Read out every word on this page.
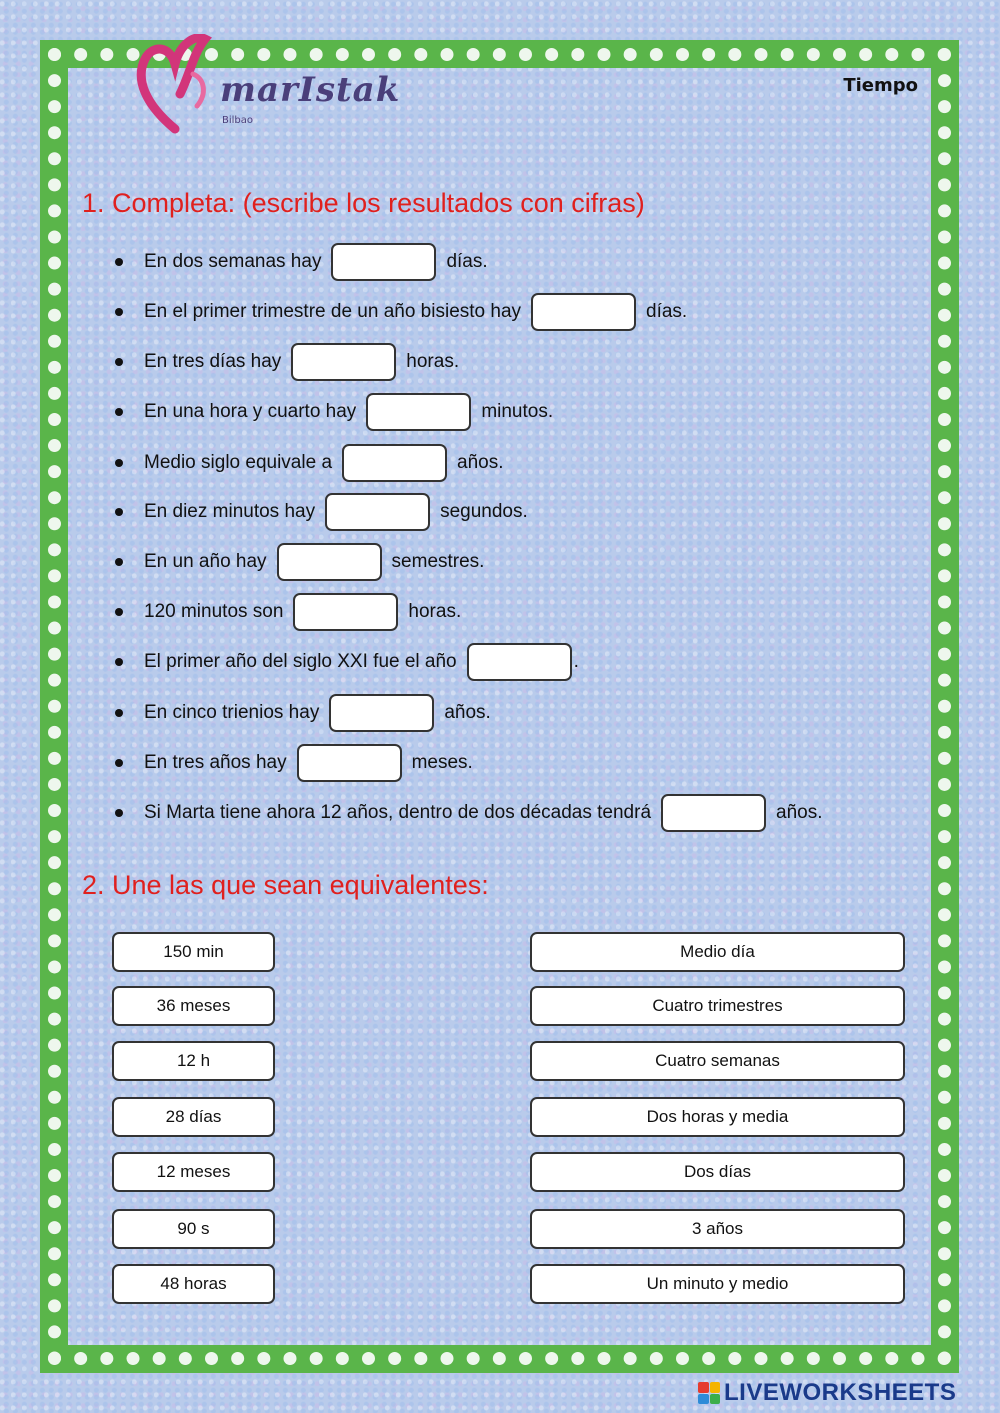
marIstak
Bilbao
Tiempo
1. Completa: (escribe los resultados con cifras)
En dos semanas hay	días.
En el primer trimestre de un año bisiesto hay	días.
En tres días hay	horas.
En una hora y cuarto hay	minutos.
Medio siglo equivale a	años.
En diez minutos hay	segundos.
En un año hay	semestres.
120 minutos son	horas.
El primer año del siglo XXI fue el año	.
En cinco trienios hay	años.
En tres años hay	meses.
Si Marta tiene ahora 12 años, dentro de dos décadas tendrá	años.
2. Une las que sean equivalentes:
150 min	Medio día
36 meses	Cuatro trimestres
12 h	Cuatro semanas
28 días	Dos horas y media
12 meses	Dos días
90 s	3 años
48 horas	Un minuto y medio
LIVEWORKSHEETS
